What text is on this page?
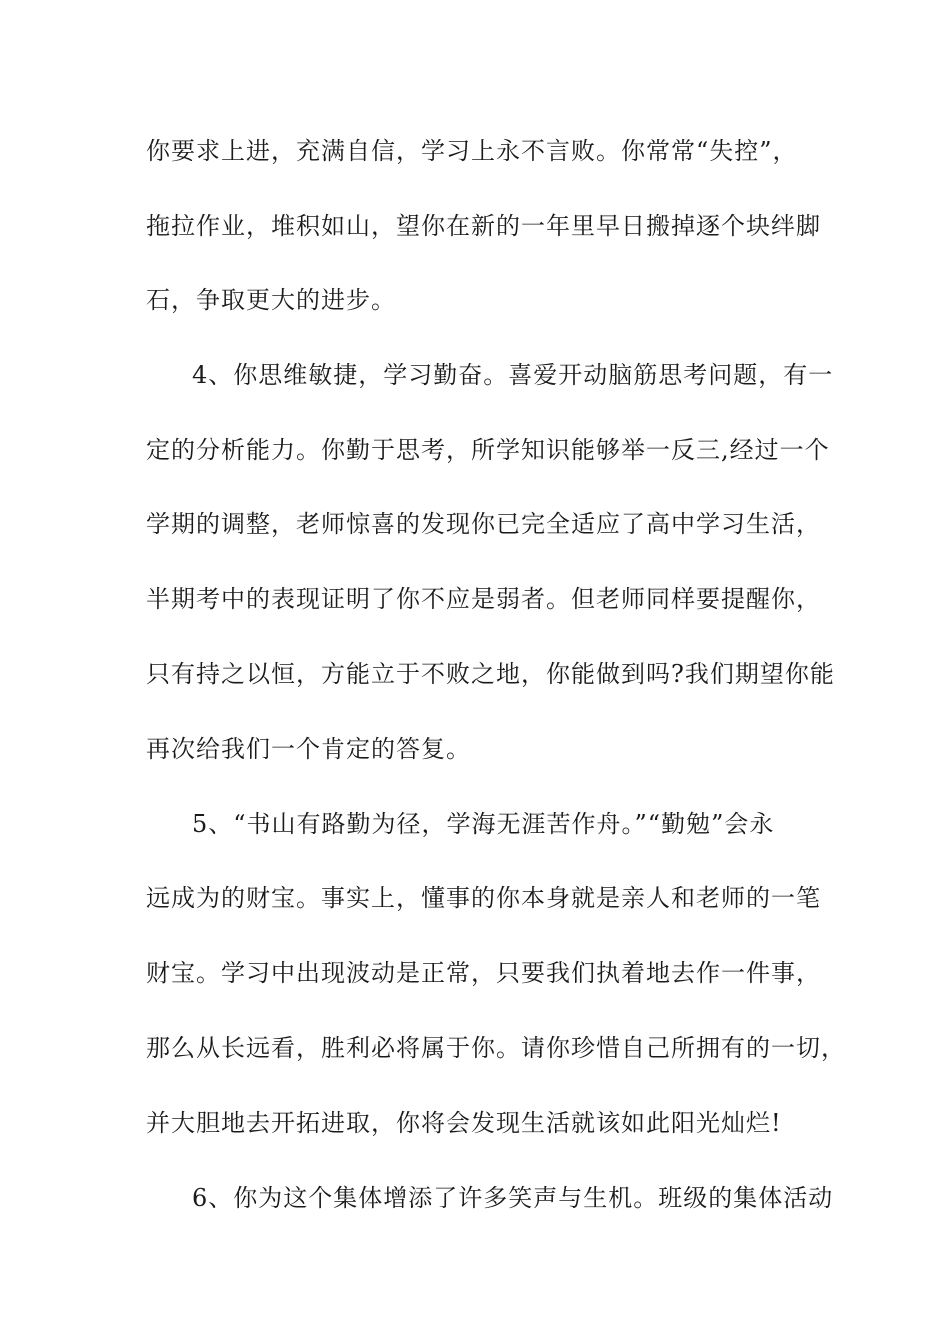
你要求上进，充满自信，学习上永不言败。你常常“失控”，
拖拉作业，堆积如山，望你在新的一年里早日搬掉逐个块绊脚
石，争取更大的进步。
4、你思维敏捷，学习勤奋。喜爱开动脑筋思考问题，有一
定的分析能力。你勤于思考，所学知识能够举一反三,经过一个
学期的调整，老师惊喜的发现你已完全适应了高中学习生活，
半期考中的表现证明了你不应是弱者。但老师同样要提醒你，
只有持之以恒，方能立于不败之地，你能做到吗?我们期望你能
再次给我们一个肯定的答复。
5、“书山有路勤为径，学海无涯苦作舟。”“勤勉”会永
远成为的财宝。事实上，懂事的你本身就是亲人和老师的一笔
财宝。学习中出现波动是正常，只要我们执着地去作一件事，
那么从长远看，胜利必将属于你。请你珍惜自己所拥有的一切，
并大胆地去开拓进取，你将会发现生活就该如此阳光灿烂!
6、你为这个集体增添了许多笑声与生机。班级的集体活动
